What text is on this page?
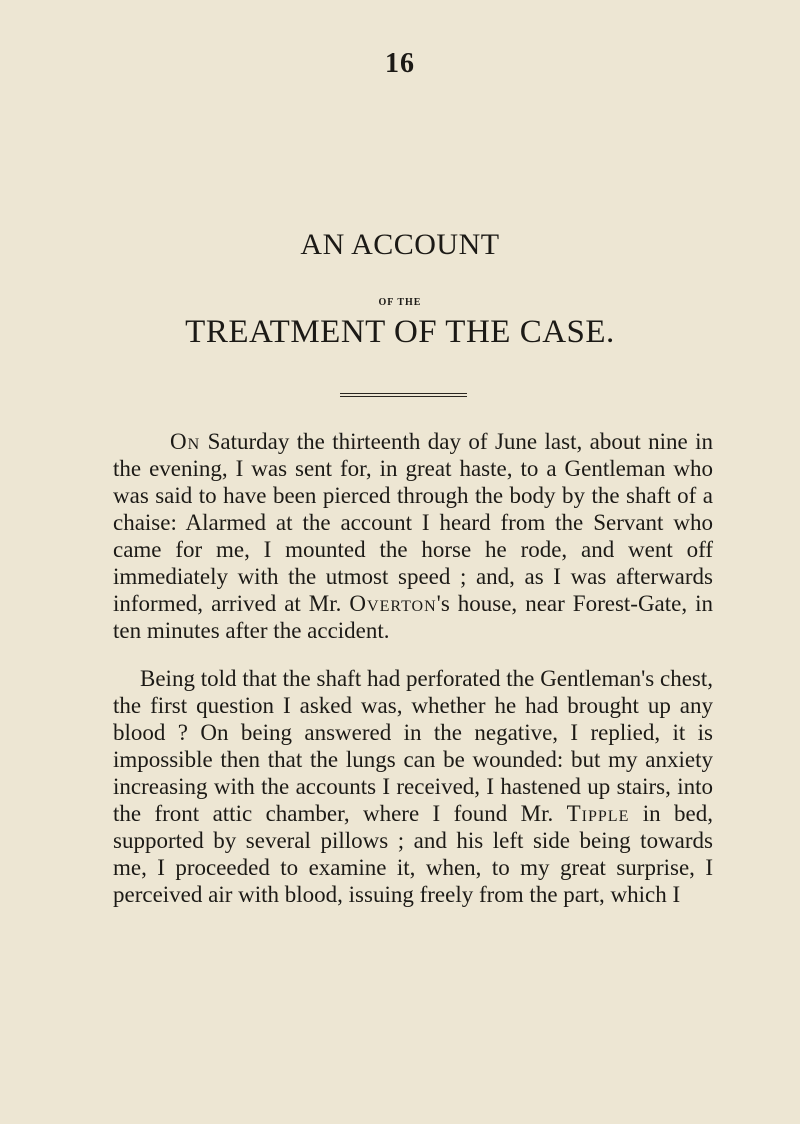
16
AN ACCOUNT
OF THE
TREATMENT OF THE CASE.

On Saturday the thirteenth day of June last, about nine in the evening, I was sent for, in great haste, to a Gentleman who was said to have been pierced through the body by the shaft of a chaise: Alarmed at the account I heard from the Servant who came for me, I mounted the horse he rode, and went off immediately with the utmost speed ; and, as I was afterwards informed, arrived at Mr. Overton's house, near Forest-Gate, in ten minutes after the accident.

Being told that the shaft had perforated the Gentleman's chest, the first question I asked was, whether he had brought up any blood ? On being answered in the negative, I replied, it is impossible then that the lungs can be wounded: but my anxiety increasing with the accounts I received, I hastened up stairs, into the front attic chamber, where I found Mr. Tipple in bed, supported by several pillows ; and his left side being towards me, I proceeded to examine it, when, to my great surprise, I perceived air with blood, issuing freely from the part, which I
